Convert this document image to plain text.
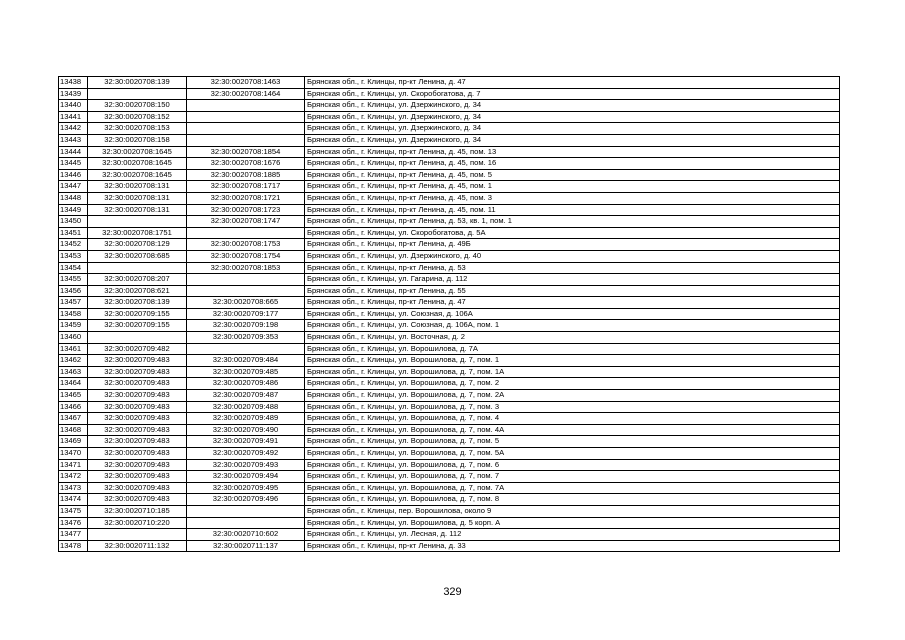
13438	32:30:0020708:139	32:30:0020708:1463	Брянская обл., г. Клинцы, пр-кт Ленина, д. 47
13439		32:30:0020708:1464	Брянская обл., г. Клинцы, ул. Скоробогатова, д. 7
13440	32:30:0020708:150		Брянская обл., г. Клинцы, ул. Дзержинского, д. 34
13441	32:30:0020708:152		Брянская обл., г. Клинцы, ул. Дзержинского, д. 34
13442	32:30:0020708:153		Брянская обл., г. Клинцы, ул. Дзержинского, д. 34
13443	32:30:0020708:158		Брянская обл., г. Клинцы, ул. Дзержинского, д. 34
13444	32:30:0020708:1645	32:30:0020708:1854	Брянская обл., г. Клинцы, пр-кт Ленина, д. 45, пом. 13
13445	32:30:0020708:1645	32:30:0020708:1676	Брянская обл., г. Клинцы, пр-кт Ленина, д. 45, пом. 16
13446	32:30:0020708:1645	32:30:0020708:1885	Брянская обл., г. Клинцы, пр-кт Ленина, д. 45, пом. 5
13447	32:30:0020708:131	32:30:0020708:1717	Брянская обл., г. Клинцы, пр-кт Ленина, д. 45, пом. 1
13448	32:30:0020708:131	32:30:0020708:1721	Брянская обл., г. Клинцы, пр-кт Ленина, д. 45, пом. 3
13449	32:30:0020708:131	32:30:0020708:1723	Брянская обл., г. Клинцы, пр-кт Ленина, д. 45, пом. 11
13450		32:30:0020708:1747	Брянская обл., г. Клинцы, пр-кт Ленина, д. 53, кв. 1, пом. 1
13451	32:30:0020708:1751		Брянская обл., г. Клинцы, ул. Скоробогатова, д. 5А
13452	32:30:0020708:129	32:30:0020708:1753	Брянская обл., г. Клинцы, пр-кт Ленина, д. 49Б
13453	32:30:0020708:685	32:30:0020708:1754	Брянская обл., г. Клинцы, ул. Дзержинского, д. 40
13454		32:30:0020708:1853	Брянская обл., г. Клинцы, пр-кт Ленина, д. 53
13455	32:30:0020708:207		Брянская обл., г. Клинцы, ул. Гагарина, д. 112
13456	32:30:0020708:621		Брянская обл., г. Клинцы, пр-кт Ленина, д. 55
13457	32:30:0020708:139	32:30:0020708:665	Брянская обл., г. Клинцы, пр-кт Ленина, д. 47
13458	32:30:0020709:155	32:30:0020709:177	Брянская обл., г. Клинцы, ул. Союзная, д. 106А
13459	32:30:0020709:155	32:30:0020709:198	Брянская обл., г. Клинцы, ул. Союзная, д. 106А, пом. 1
13460		32:30:0020709:353	Брянская обл., г. Клинцы, ул. Восточная, д. 2
13461	32:30:0020709:482		Брянская обл., г. Клинцы, ул. Ворошилова, д. 7А
13462	32:30:0020709:483	32:30:0020709:484	Брянская обл., г. Клинцы, ул. Ворошилова, д. 7, пом. 1
13463	32:30:0020709:483	32:30:0020709:485	Брянская обл., г. Клинцы, ул. Ворошилова, д. 7, пом. 1А
13464	32:30:0020709:483	32:30:0020709:486	Брянская обл., г. Клинцы, ул. Ворошилова, д. 7, пом. 2
13465	32:30:0020709:483	32:30:0020709:487	Брянская обл., г. Клинцы, ул. Ворошилова, д. 7, пом. 2А
13466	32:30:0020709:483	32:30:0020709:488	Брянская обл., г. Клинцы, ул. Ворошилова, д. 7, пом. 3
13467	32:30:0020709:483	32:30:0020709:489	Брянская обл., г. Клинцы, ул. Ворошилова, д. 7, пом. 4
13468	32:30:0020709:483	32:30:0020709:490	Брянская обл., г. Клинцы, ул. Ворошилова, д. 7, пом. 4А
13469	32:30:0020709:483	32:30:0020709:491	Брянская обл., г. Клинцы, ул. Ворошилова, д. 7, пом. 5
13470	32:30:0020709:483	32:30:0020709:492	Брянская обл., г. Клинцы, ул. Ворошилова, д. 7, пом. 5А
13471	32:30:0020709:483	32:30:0020709:493	Брянская обл., г. Клинцы, ул. Ворошилова, д. 7, пом. 6
13472	32:30:0020709:483	32:30:0020709:494	Брянская обл., г. Клинцы, ул. Ворошилова, д. 7, пом. 7
13473	32:30:0020709:483	32:30:0020709:495	Брянская обл., г. Клинцы, ул. Ворошилова, д. 7, пом. 7А
13474	32:30:0020709:483	32:30:0020709:496	Брянская обл., г. Клинцы, ул. Ворошилова, д. 7, пом. 8
13475	32:30:0020710:185		Брянская обл., г. Клинцы, пер. Ворошилова, около 9
13476	32:30:0020710:220		Брянская обл., г. Клинцы, ул. Ворошилова, д. 5 корп. А
13477		32:30:0020710:602	Брянская обл., г. Клинцы, ул. Лесная, д. 112
13478	32:30:0020711:132	32:30:0020711:137	Брянская обл., г. Клинцы, пр-кт Ленина, д. 33
329
